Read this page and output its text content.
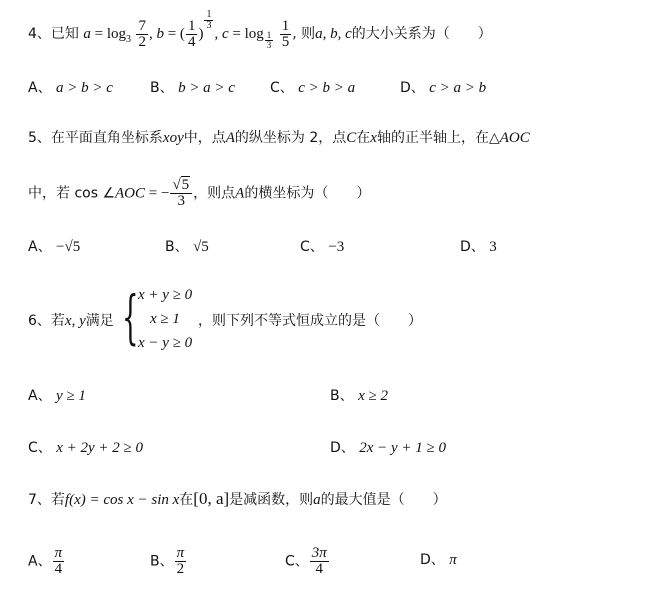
4、已知 $a = \log_3 \frac{7}{2}$ , b = ( $\frac{1}{4}$ )
$\frac{1}{3}$
, $c = \log \frac{1}{3}$
$\frac{1}{5}$ , 则a, b, c的大小关系为（　　）
A、 a > b > c	B、 b > a > c	C、 c > b > a	D、 c > a > b
5、在平面直角坐标系xoy中，点A的纵坐标为 2，点C在x轴的正半轴上，在△AOC
中，若 cos ∠AOC = − $\frac{√5}{3}$ ，则点A的横坐标为（　　）
A、 −√5	B、 √5	C、 −3	D、 3
6、若x, y满足 { x + y ≥ 0
x ≥ 1
x − y ≥ 0
，则下列不等式恒成立的是（　　）
A、 y ≥ 1	B、 x ≥ 2
C、 x + 2y + 2 ≥ 0	D、 2x − y + 1 ≥ 0
7、若f(x) = cos x − sin x在[0, a]是减函数，则a的最大值是（　　）
A、 $\frac{\pi}{4}$	B、 $\frac{\pi}{2}$	C、 $\frac{3\pi}{4}$	D、 π
